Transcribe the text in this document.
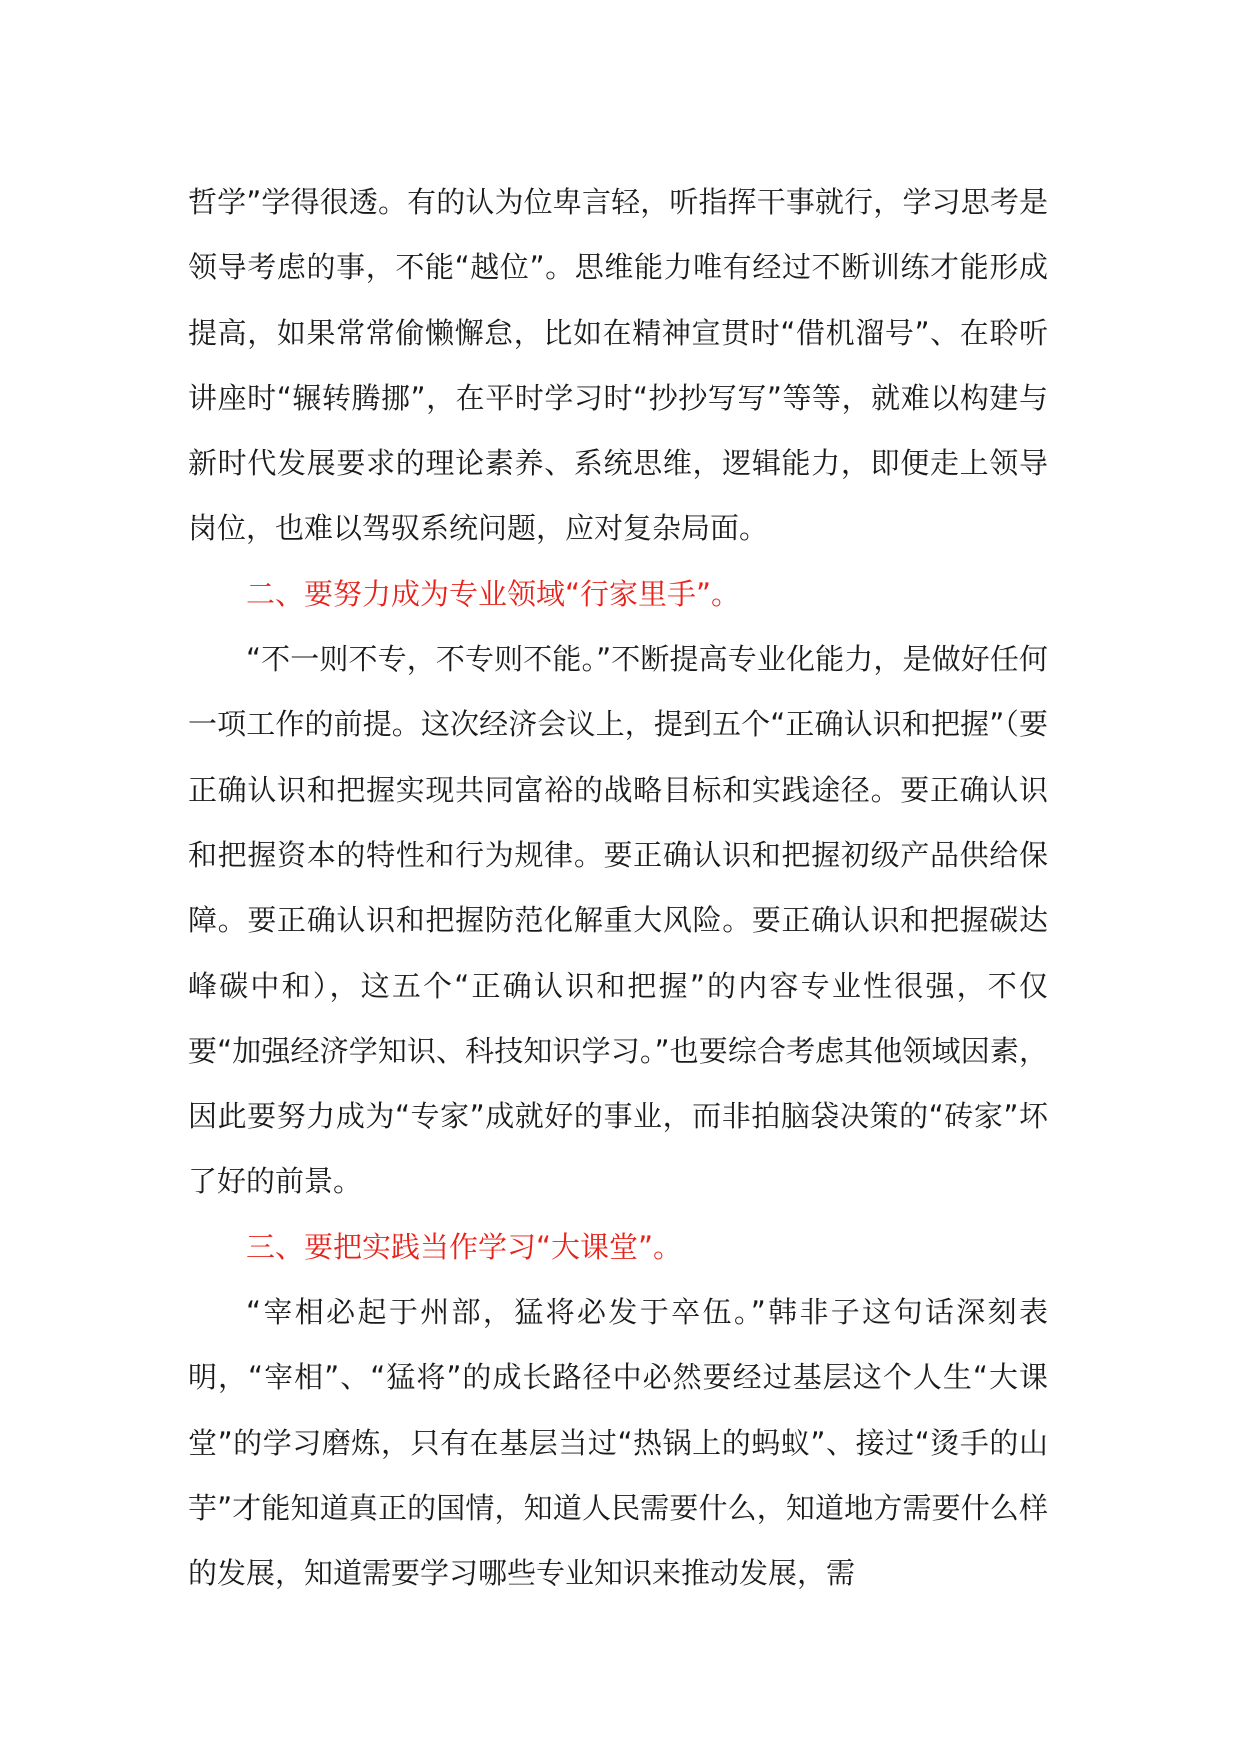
哲学”学得很透。有的认为位卑言轻，听指挥干事就行，学习思考是领导考虑的事，不能“越位”。思维能力唯有经过不断训练才能形成提高，如果常常偷懒懈怠，比如在精神宣贯时“借机溜号”、在聆听讲座时“辗转腾挪”，在平时学习时“抄抄写写”等等，就难以构建与新时代发展要求的理论素养、系统思维，逻辑能力，即便走上领导岗位，也难以驾驭系统问题，应对复杂局面。

二、要努力成为专业领域“行家里手”。

“不一则不专，不专则不能。”不断提高专业化能力，是做好任何一项工作的前提。这次经济会议上，提到五个“正确认识和把握”（要正确认识和把握实现共同富裕的战略目标和实践途径。要正确认识和把握资本的特性和行为规律。要正确认识和把握初级产品供给保障。要正确认识和把握防范化解重大风险。要正确认识和把握碳达峰碳中和），这五个“正确认识和把握”的内容专业性很强，不仅要“加强经济学知识、科技知识学习。”也要综合考虑其他领域因素，因此要努力成为“专家”成就好的事业，而非拍脑袋决策的“砖家”坏了好的前景。

三、要把实践当作学习“大课堂”。

“宰相必起于州部，猛将必发于卒伍。”韩非子这句话深刻表明，“宰相”、“猛将”的成长路径中必然要经过基层这个人生“大课堂”的学习磨炼，只有在基层当过“热锅上的蚂蚁”、接过“烫手的山芋”才能知道真正的国情，知道人民需要什么，知道地方需要什么样的发展，知道需要学习哪些专业知识来推动发展，需
